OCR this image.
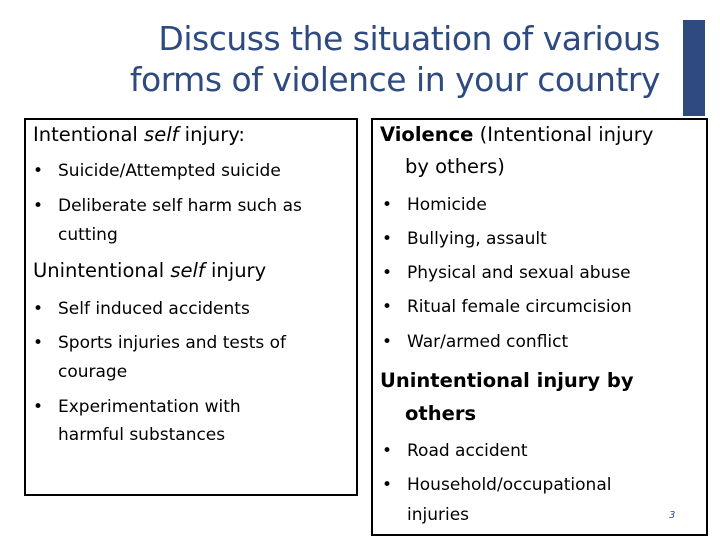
Discuss the situation of various
forms of violence in your country
Intentional self injury:
• Suicide/Attempted suicide
• Deliberate self harm such as
cutting
Unintentional self injury
• Self induced accidents
• Sports injuries and tests of
courage
• Experimentation with
harmful substances
Violence (Intentional injury
by others)
• Homicide
• Bullying, assault
• Physical and sexual abuse
• Ritual female circumcision
• War/armed conflict
Unintentional injury by
others
• Road accident
• Household/occupational
injuries	3
